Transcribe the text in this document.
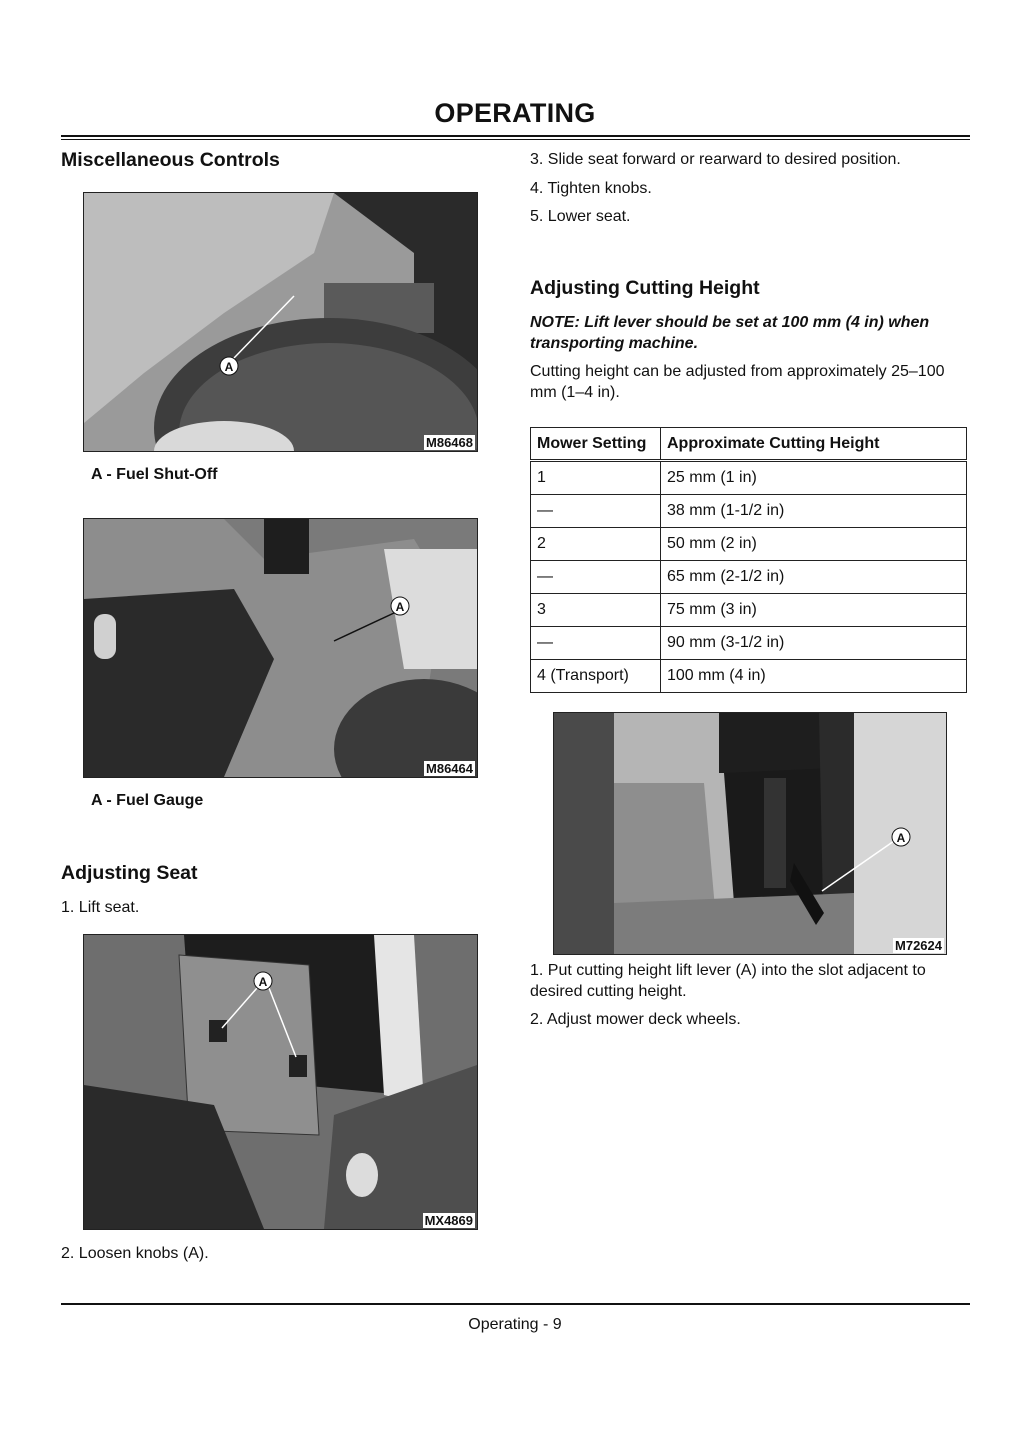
OPERATING
Miscellaneous Controls
A
M86468
A - Fuel Shut-Off
A
M86464
A - Fuel Gauge
Adjusting Seat
1. Lift seat.
A
MX4869
2. Loosen knobs (A).
3. Slide seat forward or rearward to desired position.
4. Tighten knobs.
5. Lower seat.
Adjusting Cutting Height
NOTE: Lift lever should be set at 100 mm (4 in) when transporting machine.
Cutting height can be adjusted from approximately 25–100 mm (1–4 in).
Mower Setting	Approximate Cutting Height
1	25 mm (1 in)
—	38 mm (1-1/2 in)
2	50 mm (2 in)
—	65 mm (2-1/2 in)
3	75 mm (3 in)
—	90 mm (3-1/2 in)
4 (Transport)	100 mm (4 in)
A
M72624
1. Put cutting height lift lever (A) into the slot adjacent to desired cutting height.
2. Adjust mower deck wheels.
Operating - 9
